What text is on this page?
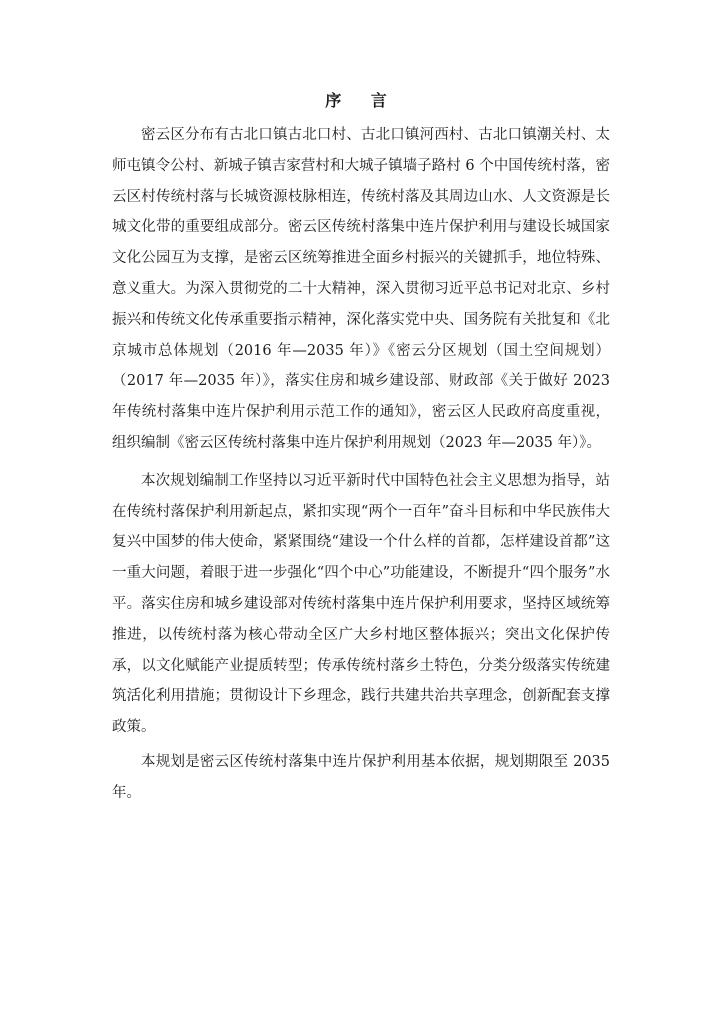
序 言

密云区分布有古北口镇古北口村、古北口镇河西村、古北口镇潮关村、太师屯镇令公村、新城子镇吉家营村和大城子镇墙子路村 6 个中国传统村落，密云区村传统村落与长城资源枝脉相连，传统村落及其周边山水、人文资源是长城文化带的重要组成部分。密云区传统村落集中连片保护利用与建设长城国家文化公园互为支撑，是密云区统筹推进全面乡村振兴的关键抓手，地位特殊、意义重大。为深入贯彻党的二十大精神，深入贯彻习近平总书记对北京、乡村振兴和传统文化传承重要指示精神，深化落实党中央、国务院有关批复和《北京城市总体规划（2016 年—2035 年）》《密云分区规划（国土空间规划）（2017 年—2035 年）》，落实住房和城乡建设部、财政部《关于做好 2023 年传统村落集中连片保护利用示范工作的通知》，密云区人民政府高度重视，组织编制《密云区传统村落集中连片保护利用规划（2023 年—2035 年）》。

本次规划编制工作坚持以习近平新时代中国特色社会主义思想为指导，站在传统村落保护利用新起点，紧扣实现“两个一百年”奋斗目标和中华民族伟大复兴中国梦的伟大使命，紧紧围绕“建设一个什么样的首都，怎样建设首都”这一重大问题，着眼于进一步强化“四个中心”功能建设，不断提升“四个服务”水平。落实住房和城乡建设部对传统村落集中连片保护利用要求，坚持区域统筹推进，以传统村落为核心带动全区广大乡村地区整体振兴；突出文化保护传承，以文化赋能产业提质转型；传承传统村落乡土特色，分类分级落实传统建筑活化利用措施；贯彻设计下乡理念，践行共建共治共享理念，创新配套支撑政策。

本规划是密云区传统村落集中连片保护利用基本依据，规划期限至 2035 年。
